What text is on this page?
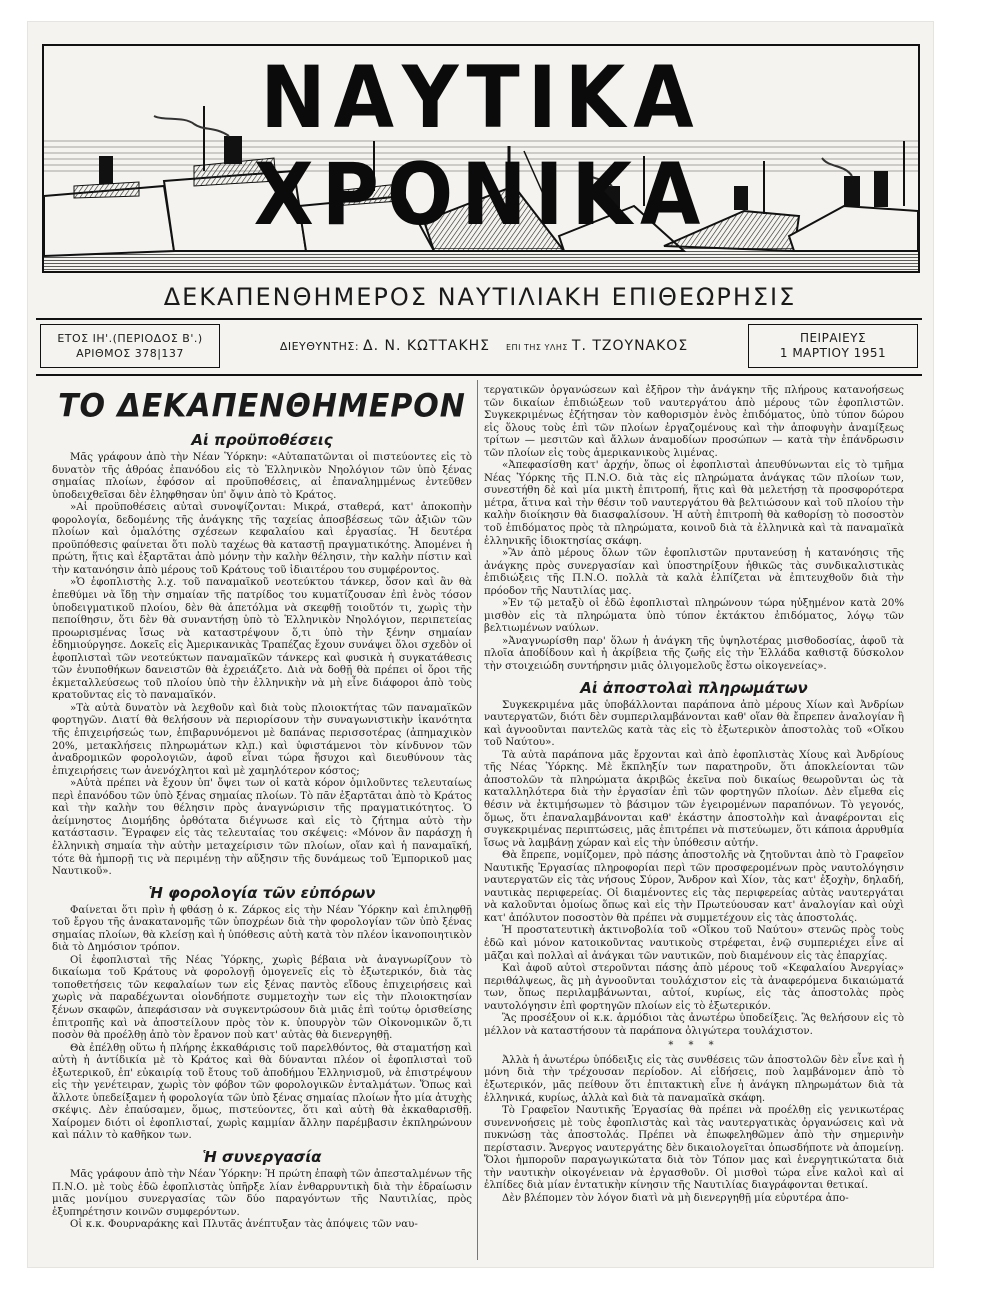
ΝΑΥΤΙΚΑ ΧΡΟΝΙΚΑ
ΔΕΚΑΠΕΝΘΗΜΕΡΟΣ ΝΑΥΤΙΛΙΑΚΗ ΕΠΙΘΕΩΡΗΣΙΣ
ΕΤΟΣ ΙΗ'.(ΠΕΡΙΟΔΟΣ Β'.)
ΑΡΙΘΜΟΣ 378|137
ΔΙΕΥΘΥΝΤΗΣ: Δ. Ν. ΚΩΤΤΑΚΗΣ ΕΠΙ ΤΗΣ ΥΛΗΣ Τ. ΤΖΟΥΝΑΚΟΣ	ΠΕΙΡΑΙΕΥΣ
1 ΜΑΡΤΙΟΥ 1951
ΤΟ ΔΕΚΑΠΕΝΘΗΜΕΡΟΝ
Αἱ προϋποθέσεις

Μᾶς γράφουν ἀπὸ τὴν Νέαν Ὑόρκην: «Αὐταπατῶνται οἱ πιστεύοντες εἰς τὸ δυνατὸν τῆς ἀθρόας ἐπανόδου εἰς τὸ Ἑλληνικὸν Νηολόγιον τῶν ὑπὸ ξένας σημαίας πλοίων, ἐφόσον αἱ προϋποθέσεις, αἱ ἐπαναλημμένως ἐντεῦθεν ὑποδειχθεῖσαι δὲν ἐληφθησαν ὑπ' ὄψιν ἀπὸ τὸ Κράτος.

»Αἱ προϋποθέσεις αὐταὶ συνοψίζονται: Μικρά, σταθερά, κατ' ἀποκοπὴν φορολογία, δεδομένης τῆς ἀνάγκης τῆς ταχείας ἀποσβέσεως τῶν ἀξιῶν τῶν πλοίων καὶ ὁμαλότης σχέσεων κεφαλαίου καὶ ἐργασίας. Ἡ δευτέρα προϋπόθεσις φαίνεται ὅτι πολὺ ταχέως θὰ καταστῇ πραγματικότης. Ἀπομένει ἡ πρώτη, ἥτις καὶ ἐξαρτᾶται ἀπὸ μόνην τὴν καλὴν θέλησιν, τὴν καλὴν πίστιν καὶ τὴν κατανόησιν ἀπὸ μέρους τοῦ Κράτους τοῦ ἰδιαιτέρου του συμφέροντος.

»Ὁ ἐφοπλιστὴς λ.χ. τοῦ παναμαϊκοῦ νεοτεύκτου τάνκερ, ὅσον καὶ ἂν θὰ ἐπεθύμει νὰ ἴδῃ τὴν σημαίαν τῆς πατρίδος του κυματίζουσαν ἐπὶ ἑνὸς τόσον ὑποδειγματικοῦ πλοίου, δὲν θὰ ἀπετόλμα νὰ σκεφθῇ τοιοῦτόν τι, χωρὶς τὴν πεποίθησιν, ὅτι δὲν θὰ συναντήσῃ ὑπὸ τὸ Ἑλληνικὸν Νηολόγιον, περιπετείας προωρισμένας ἴσως νὰ καταστρέψουν ὅ,τι ὑπὸ τὴν ξένην σημαίαν ἐδημιούργησε. Δοκεῖς εἰς Ἀμερικανικὰς Τραπέζας ἔχουν συνάψει ὅλοι σχεδὸν οἱ ἐφοπλισταὶ τῶν νεοτεύκτων παναμαϊκῶν τάνκερς καὶ φυσικὰ ἡ συγκατάθεσις τῶν ἐνυποθήκων δανειστῶν θὰ ἐχρειάζετο. Διὰ νὰ δοθῇ θὰ πρέπει οἱ ὅροι τῆς ἐκμεταλλεύσεως τοῦ πλοίου ὑπὸ τὴν ἑλληνικὴν νὰ μὴ εἶνε διάφοροι ἀπὸ τοὺς κρατοῦντας εἰς τὸ παναμαϊκόν.

»Τὰ αὐτὰ δυνατὸν νὰ λεχθοῦν καὶ διὰ τοὺς πλοιοκτήτας τῶν παναμαϊκῶν φορτηγῶν. Διατί θὰ θελήσουν νὰ περιορίσουν τὴν συναγωνιστικὴν ἱκανότητα τῆς ἐπιχειρήσεώς των, ἐπιβαρυνόμενοι μὲ δαπάνας περισσοτέρας (ἀπημαχικὸν 20%, μετακλήσεις πληρωμάτων κλπ.) καὶ ὑφιστάμενοι τὸν κίνδυνον τῶν ἀναδρομικῶν φορολογιῶν, ἀφοῦ εἶναι τώρα ἥσυχοι καὶ διευθύνουν τὰς ἐπιχειρήσεις των ἀνενόχλητοι καὶ μὲ χαμηλότερον κόστος;

»Αὐτὰ πρέπει νὰ ἔχουν ὑπ' ὄψει των οἱ κατὰ κόρον ὁμιλοῦντες τελευταίως περὶ ἐπανόδου τῶν ὑπὸ ξένας σημαίας πλοίων. Τὸ πᾶν ἐξαρτᾶται ἀπὸ τὸ Κράτος καὶ τὴν καλὴν του θέλησιν πρὸς ἀναγνώρισιν τῆς πραγματικότητος. Ὁ ἀείμνηστος Διομήδης ὀρθότατα διέγνωσε καὶ εἰς τὸ ζήτημα αὐτὸ τὴν κατάστασιν. Ἔγραφεν εἰς τὰς τελευταίας του σκέψεις: «Μόνον ἂν παράσχῃ ἡ ἑλληνικὴ σημαία τὴν αὐτὴν μεταχείρισιν τῶν πλοίων, οἵαν καὶ ἡ παναμαϊκή, τότε θὰ ἠμπορῇ τις νὰ περιμένῃ τὴν αὔξησιν τῆς δυνάμεως τοῦ Ἐμπορικοῦ μας Ναυτικοῦ».

Ἡ φορολογία τῶν εὐπόρων

Φαίνεται ὅτι πρὶν ἡ φθάσῃ ὁ κ. Ζάρκος εἰς τὴν Νέαν Ὑόρκην καὶ ἐπιληφθῇ τοῦ ἔργου τῆς ἀνακατανομῆς τῶν ὑποχρέων διὰ τὴν φορολογίαν τῶν ὑπὸ ξένας σημαίας πλοίων, θὰ κλείσῃ καὶ ἡ ὑπόθεσις αὐτὴ κατὰ τὸν πλέον ἱκανοποιητικὸν διὰ τὸ Δημόσιον τρόπον.

Οἱ ἐφοπλισταὶ τῆς Νέας Ὑόρκης, χωρὶς βέβαια νὰ ἀναγνωρίζουν τὸ δικαίωμα τοῦ Κράτους νὰ φορολογῇ ὁμογενεῖς εἰς τὸ ἐξωτερικόν, διὰ τὰς τοποθετήσεις τῶν κεφαλαίων των εἰς ξένας παντὸς εἴδους ἐπιχειρήσεις καὶ χωρὶς νὰ παραδέχωνται οἱονδήποτε συμμετοχὴν των εἰς τὴν πλοιοκτησίαν ξένων σκαφῶν, ἀπεφάσισαν νὰ συγκεντρώσουν διὰ μιᾶς ἐπὶ τούτῳ ὁρισθείσης ἐπιτροπῆς καὶ νὰ ἀποστείλουν πρὸς τὸν κ. ὑπουργὸν τῶν Οἰκονομικῶν ὅ,τι ποσὸν θὰ προέλθῃ ἀπὸ τὸν ἔρανον ποὺ κατ' αὐτὰς θὰ διενεργηθῇ.

Θὰ ἐπέλθῃ οὕτω ἡ πλήρης ἐκκαθάρισις τοῦ παρελθόντος, θὰ σταματήσῃ καὶ αὐτὴ ἡ ἀντίδικία μὲ τὸ Κράτος καὶ θὰ δύνανται πλέον οἱ ἐφοπλισταὶ τοῦ ἐξωτερικοῦ, ἐπ' εὐκαιρίᾳ τοῦ ἔτους τοῦ ἀποδήμου Ἑλληνισμοῦ, νὰ ἐπιστρέψουν εἰς τὴν γενέτειραν, χωρὶς τὸν φόβον τῶν φορολογικῶν ἐνταλμάτων. Ὅπως καὶ ἄλλοτε ὑπεδείξαμεν ἡ φορολογία τῶν ὑπὸ ξένας σημαίας πλοίων ἦτο μία ἀτυχὴς σκέψις. Δὲν ἐπαύσαμεν, ὅμως, πιστεύοντες, ὅτι καὶ αὐτὴ θὰ ἐκκαθαρισθῇ. Χαίρομεν διότι οἱ ἐφοπλισταί, χωρὶς καμμίαν ἄλλην παρέμβασιν ἐκπληρώνουν καὶ πάλιν τὸ καθῆκον των.

Ἡ συνεργασία

Μᾶς γράφουν ἀπὸ τὴν Νέαν Ὑόρκην: Ἡ πρώτη ἐπαφὴ τῶν ἀπεσταλμένων τῆς Π.Ν.Ο. μὲ τοὺς ἐδῶ ἐφοπλιστὰς ὑπῆρξε λίαν ἐνθαρρυντικὴ διὰ τὴν ἑδραίωσιν μιᾶς μονίμου συνεργασίας τῶν δύο παραγόντων τῆς Ναυτιλίας, πρὸς ἐξυπηρέτησιν κοινῶν συμφερόντων.

Οἱ κ.κ. Φουρναράκης καὶ Πλυτᾶς ἀνέπτυξαν τὰς ἀπόψεις τῶν ναυ-

τεργατικῶν ὀργανώσεων καὶ ἐξῆρον τὴν ἀνάγκην τῆς πλήρους κατανοήσεως τῶν δικαίων ἐπιδιώξεων τοῦ ναυτεργάτου ἀπὸ μέρους τῶν ἐφοπλιστῶν. Συγκεκριμένως ἐζήτησαν τὸν καθορισμὸν ἑνὸς ἐπιδόματος, ὑπὸ τύπον δώρου εἰς ὅλους τοὺς ἐπὶ τῶν πλοίων ἐργαζομένους καὶ τὴν ἀποφυγὴν ἀναμίξεως τρίτων — μεσιτῶν καὶ ἄλλων ἀναμοδίων προσώπων — κατὰ τὴν ἐπάνδρωσιν τῶν πλοίων εἰς τοὺς ἀμερικανικοὺς λιμένας.

«Ἀπεφασίσθη κατ' ἀρχήν, ὅπως οἱ ἐφοπλισταὶ ἀπευθύνωνται εἰς τὸ τμῆμα Νέας Ὑόρκης τῆς Π.Ν.Ο. διὰ τὰς εἰς πληρώματα ἀνάγκας τῶν πλοίων των, συνεστήθη δὲ καὶ μία μικτὴ ἐπιτροπή, ἥτις καὶ θὰ μελετήσῃ τὰ προσφορότερα μέτρα, ἅτινα καὶ τὴν θέσιν τοῦ ναυτεργάτου θὰ βελτιώσουν καὶ τοῦ πλοίου τὴν καλὴν διοίκησιν θὰ διασφαλίσουν. Ἡ αὐτὴ ἐπιτροπὴ θὰ καθορίσῃ τὸ ποσοστὸν τοῦ ἐπιδόματος πρὸς τὰ πληρώματα, κοινοῦ διὰ τὰ ἑλληνικὰ καὶ τὰ παναμαϊκὰ ἑλληνικῆς ἰδιοκτησίας σκάφη.

»Ἂν ἀπὸ μέρους ὅλων τῶν ἐφοπλιστῶν πρυτανεύσῃ ἡ κατανόησις τῆς ἀνάγκης πρὸς συνεργασίαν καὶ ὑποστηρίξουν ἠθικῶς τὰς συνδικαλιστικὰς ἐπιδιώξεις τῆς Π.Ν.Ο. πολλὰ τὰ καλὰ ἐλπίζεται νὰ ἐπιτευχθοῦν διὰ τὴν πρόοδον τῆς Ναυτιλίας μας.

»Ἐν τῷ μεταξὺ οἱ ἐδῶ ἐφοπλισταὶ πληρώνουν τώρα ηὐξημένον κατὰ 20% μισθὸν εἰς τὰ πληρώματα ὑπὸ τύπον ἐκτάκτου ἐπιδόματος, λόγῳ τῶν βελτιωμένων ναύλων.

»Ἀναγνωρίσθη παρ' ὅλων ἡ ἀνάγκη τῆς ὑψηλοτέρας μισθοδοσίας, ἀφοῦ τὰ πλοῖα ἀποδίδουν καὶ ἡ ἀκρίβεια τῆς ζωῆς εἰς τὴν Ἑλλάδα καθιστᾷ δύσκολον τὴν στοιχειώδη συντήρησιν μιᾶς ὀλιγομελοῦς ἔστω οἰκογενείας».

Αἱ ἀποστολαὶ πληρωμάτων

Συγκεκριμένα μᾶς ὑποβάλλονται παράπονα ἀπὸ μέρους Χίων καὶ Ἀνδρίων ναυτεργατῶν, διότι δὲν συμπεριλαμβάνονται καθ' οἵαν θὰ ἔπρεπεν ἀναλογίαν ἢ καὶ ἀγνοοῦνται παντελῶς κατὰ τὰς εἰς τὸ ἐξωτερικὸν ἀποστολὰς τοῦ «Οἴκου τοῦ Ναύτου».

Τὰ αὐτὰ παράπονα μᾶς ἔρχονται καὶ ἀπὸ ἐφοπλιστὰς Χίους καὶ Ἀνδρίους τῆς Νέας Ὑόρκης. Μὲ ἔκπληξίν των παρατηροῦν, ὅτι ἀποκλείονται τῶν ἀποστολῶν τὰ πληρώματα ἀκριβῶς ἐκεῖνα ποὺ δικαίως θεωροῦνται ὡς τὰ καταλληλότερα διὰ τὴν ἐργασίαν ἐπὶ τῶν φορτηγῶν πλοίων. Δὲν εἴμεθα εἰς θέσιν νὰ ἐκτιμήσωμεν τὸ βάσιμον τῶν ἐγειρομένων παραπόνων. Τὸ γεγονός, ὅμως, ὅτι ἐπαναλαμβάνονται καθ' ἑκάστην ἀποστολὴν καὶ ἀναφέρονται εἰς συγκεκριμένας περιπτώσεις, μᾶς ἐπιτρέπει νὰ πιστεύωμεν, ὅτι κάποια ἀρρυθμία ἴσως νὰ λαμβάνῃ χώραν καὶ εἰς τὴν ὑπόθεσιν αὐτήν.

Θὰ ἔπρεπε, νομίζομεν, πρὸ πάσης ἀποστολῆς νὰ ζητοῦνται ἀπὸ τὸ Γραφεῖον Ναυτικῆς Ἐργασίας πληροφορίαι περὶ τῶν προσφερομένων πρὸς ναυτολόγησιν ναυτεργατῶν εἰς τὰς νήσους Σύρον, Ἄνδρον καὶ Χίον, τὰς κατ' ἐξοχὴν, δηλαδή, ναυτικὰς περιφερείας. Οἱ διαμένοντες εἰς τὰς περιφερείας αὐτὰς ναυτεργάται νὰ καλοῦνται ὁμοίως ὅπως καὶ εἰς τὴν Πρωτεύουσαν κατ' ἀναλογίαν καὶ οὐχὶ κατ' ἀπόλυτον ποσοστὸν θὰ πρέπει νὰ συμμετέχουν εἰς τὰς ἀποστολάς.

Ἡ προστατευτικὴ ἀκτινοβολία τοῦ «Οἴκου τοῦ Ναύτου» στενῶς πρὸς τοὺς ἐδῶ καὶ μόνον κατοικοῦντας ναυτικοὺς στρέφεται, ἐνῷ συμπεριέχει εἶνε αἱ μᾶζαι καὶ πολλαὶ αἱ ἀνάγκαι τῶν ναυτικῶν, ποὺ διαμένουν εἰς τὰς ἐπαρχίας.

Καὶ ἀφοῦ αὐτοὶ στεροῦνται πάσης ἀπὸ μέρους τοῦ «Κεφαλαίου Ἀνεργίας» περιθάλψεως, ἂς μὴ ἀγνοοῦνται τουλάχιστον εἰς τὰ ἀναφερόμενα δικαιώματά των, ὅπως περιλαμβάνωνται, αὐτοί, κυρίως, εἰς τὰς ἀποστολὰς πρὸς ναυτολόγησιν ἐπὶ φορτηγῶν πλοίων εἰς τὸ ἐξωτερικόν.

Ἂς προσέξουν οἱ κ.κ. ἁρμόδιοι τὰς ἀνωτέρω ὑποδείξεις. Ἂς θελήσουν εἰς τὸ μέλλον νὰ καταστήσουν τὰ παράπονα ὀλιγώτερα τουλάχιστον.

* * *

Ἀλλὰ ἡ ἀνωτέρω ὑπόδειξις εἰς τὰς συνθέσεις τῶν ἀποστολῶν δὲν εἶνε καὶ ἡ μόνη διὰ τὴν τρέχουσαν περίοδον. Αἱ εἰδήσεις, ποὺ λαμβάνομεν ἀπὸ τὸ ἐξωτερικόν, μᾶς πείθουν ὅτι ἐπιτακτικὴ εἶνε ἡ ἀνάγκη πληρωμάτων διὰ τὰ ἑλληνικά, κυρίως, ἀλλὰ καὶ διὰ τὰ παναμαϊκὰ σκάφη.

Τὸ Γραφεῖον Ναυτικῆς Ἐργασίας θὰ πρέπει νὰ προέλθῃ εἰς γενικωτέρας συνεννοήσεις μὲ τοὺς ἐφοπλιστὰς καὶ τὰς ναυτεργατικὰς ὀργανώσεις καὶ νὰ πυκνώσῃ τὰς ἀποστολάς. Πρέπει νὰ ἐπωφεληθῶμεν ἀπὸ τὴν σημερινὴν περίστασιν. Ἄνεργος ναυτεργάτης δὲν δικαιολογεῖται ὁπωσδήποτε νὰ ἀπομείνῃ. Ὅλοι ἠμποροῦν παραγωγικώτατα διὰ τὸν Τόπον μας καὶ ἐνεργητικώτατα διὰ τὴν ναυτικὴν οἰκογένειαν νὰ ἐργασθοῦν. Οἱ μισθοὶ τώρα εἶνε καλοὶ καὶ αἱ ἐλπίδες διὰ μίαν ἐντατικὴν κίνησιν τῆς Ναυτιλίας διαγράφονται θετικαί.

Δὲν βλέπομεν τὸν λόγον διατὶ νὰ μὴ διενεργηθῇ μία εὐρυτέρα ἀπο-
